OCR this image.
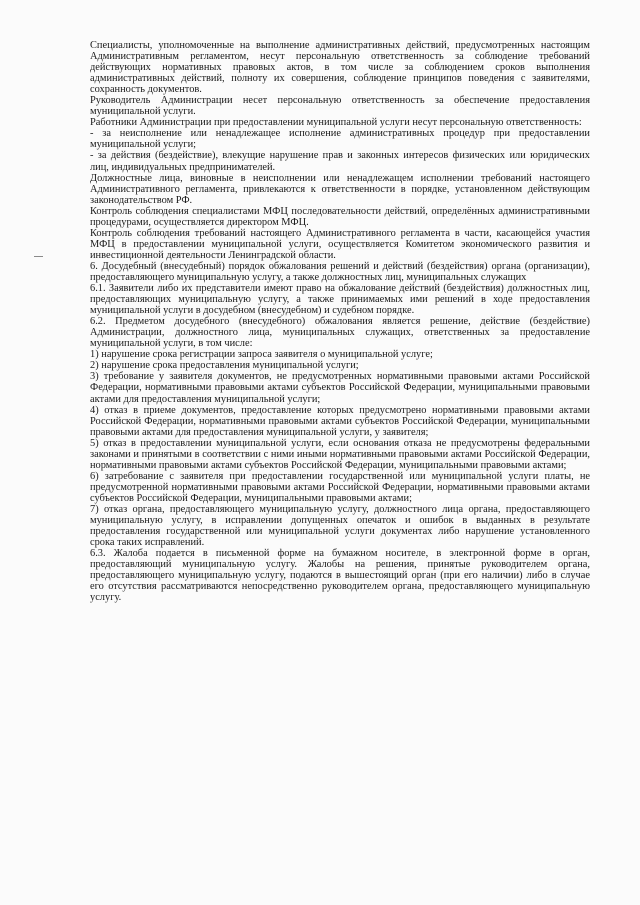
Специалисты, уполномоченные на выполнение административных действий, предусмотренных настоящим Административным регламентом, несут персональную ответственность за соблюдение требований действующих нормативных правовых актов, в том числе за соблюдением сроков выполнения административных действий, полноту их совершения, соблюдение принципов поведения с заявителями, сохранность документов.

Руководитель Администрации несет персональную ответственность за обеспечение предоставления муниципальной услуги.

Работники Администрации при предоставлении муниципальной услуги несут персональную ответственность:

- за неисполнение или ненадлежащее исполнение административных процедур при предоставлении муниципальной услуги;

- за действия (бездействие), влекущие нарушение прав и законных интересов физических или юридических лиц, индивидуальных предпринимателей.

Должностные лица, виновные в неисполнении или ненадлежащем исполнении требований настоящего Административного регламента, привлекаются к ответственности в порядке, установленном действующим законодательством РФ.

Контроль соблюдения специалистами МФЦ последовательности действий, определённых административными процедурами, осуществляется директором МФЦ.

Контроль соблюдения требований настоящего Административного регламента в части, касающейся участия МФЦ в предоставлении муниципальной услуги, осуществляется Комитетом экономического развития и инвестиционной деятельности Ленинградской области.

6. Досудебный (внесудебный) порядок обжалования решений и действий (бездействия) органа (организации), предоставляющего муниципальную услугу, а также должностных лиц, муниципальных служащих

6.1. Заявители либо их представители имеют право на обжалование действий (бездействия) должностных лиц, предоставляющих муниципальную услугу, а также принимаемых ими решений в ходе предоставления муниципальной услуги в досудебном (внесудебном) и судебном порядке.

6.2. Предметом досудебного (внесудебного) обжалования является решение, действие (бездействие) Администрации, должностного лица, муниципальных служащих, ответственных за предоставление муниципальной услуги, в том числе:

1) нарушение срока регистрации запроса заявителя о муниципальной услуге;

2) нарушение срока предоставления муниципальной услуги;

3) требование у заявителя документов, не предусмотренных нормативными правовыми актами Российской Федерации, нормативными правовыми актами субъектов Российской Федерации, муниципальными правовыми актами для предоставления муниципальной услуги;

4) отказ в приеме документов, предоставление которых предусмотрено нормативными правовыми актами Российской Федерации, нормативными правовыми актами субъектов Российской Федерации, муниципальными правовыми актами для предоставления муниципальной услуги, у заявителя;

5) отказ в предоставлении муниципальной услуги, если основания отказа не предусмотрены федеральными законами и принятыми в соответствии с ними иными нормативными правовыми актами Российской Федерации, нормативными правовыми актами субъектов Российской Федерации, муниципальными правовыми актами;

6) затребование с заявителя при предоставлении государственной или муниципальной услуги платы, не предусмотренной нормативными правовыми актами Российской Федерации, нормативными правовыми актами субъектов Российской Федерации, муниципальными правовыми актами;

7) отказ органа, предоставляющего муниципальную услугу, должностного лица органа, предоставляющего муниципальную услугу, в исправлении допущенных опечаток и ошибок в выданных в результате предоставления государственной или муниципальной услуги документах либо нарушение установленного срока таких исправлений.

6.3. Жалоба подается в письменной форме на бумажном носителе, в электронной форме в орган, предоставляющий муниципальную услугу. Жалобы на решения, принятые руководителем органа, предоставляющего муниципальную услугу, подаются в вышестоящий орган (при его наличии) либо в случае его отсутствия рассматриваются непосредственно руководителем органа, предоставляющего муниципальную услугу.
